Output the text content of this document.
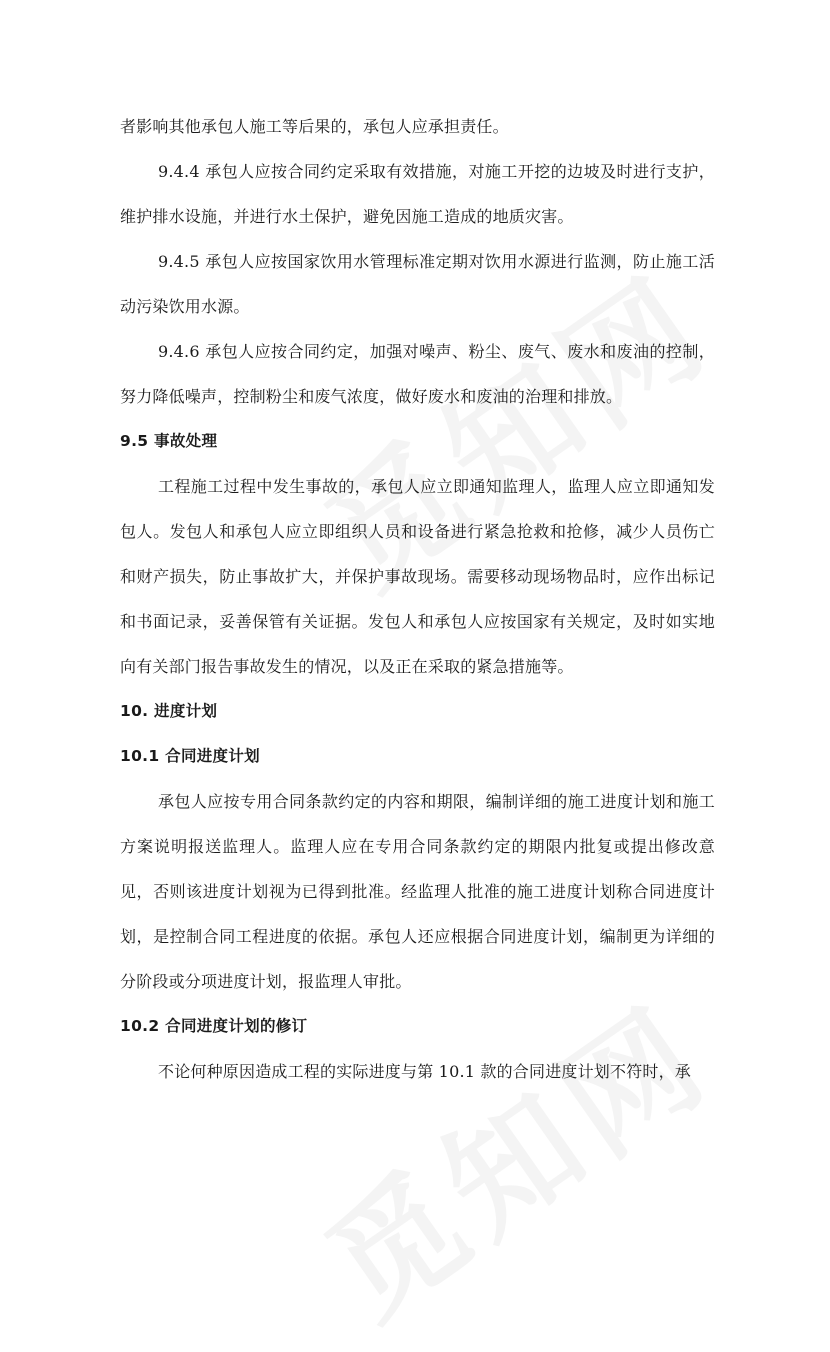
者影响其他承包人施工等后果的，承包人应承担责任。

9.4.4 承包人应按合同约定采取有效措施，对施工开挖的边坡及时进行支护，维护排水设施，并进行水土保护，避免因施工造成的地质灾害。

9.4.5 承包人应按国家饮用水管理标准定期对饮用水源进行监测，防止施工活动污染饮用水源。

9.4.6 承包人应按合同约定，加强对噪声、粉尘、废气、废水和废油的控制，努力降低噪声，控制粉尘和废气浓度，做好废水和废油的治理和排放。

9.5 事故处理

工程施工过程中发生事故的，承包人应立即通知监理人，监理人应立即通知发包人。发包人和承包人应立即组织人员和设备进行紧急抢救和抢修，减少人员伤亡和财产损失，防止事故扩大，并保护事故现场。需要移动现场物品时，应作出标记和书面记录，妥善保管有关证据。发包人和承包人应按国家有关规定，及时如实地向有关部门报告事故发生的情况，以及正在采取的紧急措施等。

10. 进度计划

10.1 合同进度计划

承包人应按专用合同条款约定的内容和期限，编制详细的施工进度计划和施工方案说明报送监理人。监理人应在专用合同条款约定的期限内批复或提出修改意见，否则该进度计划视为已得到批准。经监理人批准的施工进度计划称合同进度计划，是控制合同工程进度的依据。承包人还应根据合同进度计划，编制更为详细的分阶段或分项进度计划，报监理人审批。

10.2 合同进度计划的修订

不论何种原因造成工程的实际进度与第 10.1 款的合同进度计划不符时，承
